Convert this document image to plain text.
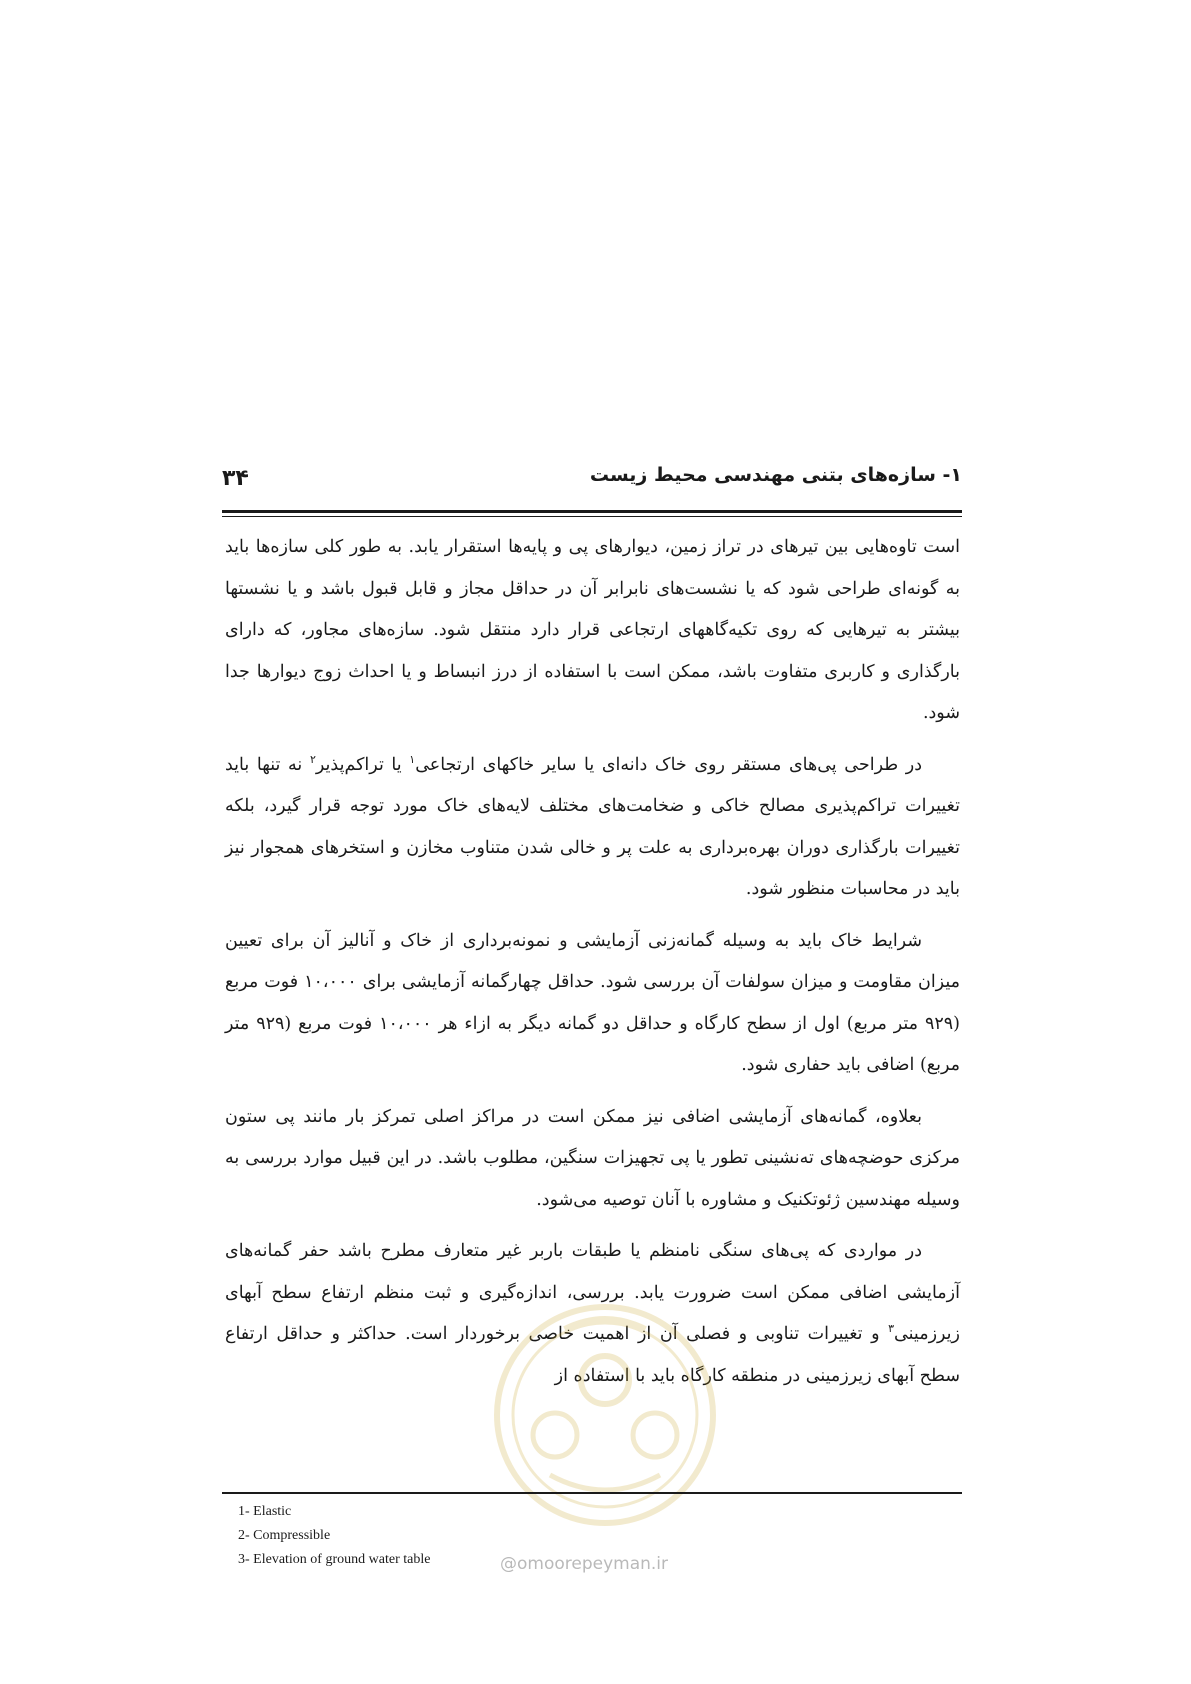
۳۴	۱- سازه‌های بتنی مهندسی محیط زیست

است تاوه‌هایی بین تیرهای در تراز زمین، دیوارهای پی و پایه‌ها استقرار یابد. به طور کلی سازه‌ها باید به گونه‌ای طراحی شود که یا نشست‌های نابرابر آن در حداقل مجاز و قابل قبول باشد و یا نشستها بیشتر به تیرهایی که روی تکیه‌گاههای ارتجاعی قرار دارد منتقل شود. سازه‌های مجاور، که دارای بارگذاری و کاربری متفاوت باشد، ممکن است با استفاده از درز انبساط و یا احداث زوج دیوارها جدا شود.

در طراحی پی‌های مستقر روی خاک دانه‌ای یا سایر خاکهای ارتجاعی$^۱$ یا تراکم‌پذیر$^۲$ نه تنها باید تغییرات تراکم‌پذیری مصالح خاکی و ضخامت‌های مختلف لایه‌های خاک مورد توجه قرار گیرد، بلکه تغییرات بارگذاری دوران بهره‌برداری به علت پر و خالی شدن متناوب مخازن و استخرهای همجوار نیز باید در محاسبات منظور شود.

شرایط خاک باید به وسیله گمانه‌زنی آزمایشی و نمونه‌برداری از خاک و آنالیز آن برای تعیین میزان مقاومت و میزان سولفات آن بررسی شود. حداقل چهارگمانه آزمایشی برای ۱۰،۰۰۰ فوت مربع (۹۲۹ متر مربع) اول از سطح کارگاه و حداقل دو گمانه دیگر به ازاء هر ۱۰،۰۰۰ فوت مربع (۹۲۹ متر مربع) اضافی باید حفاری شود.

بعلاوه، گمانه‌های آزمایشی اضافی نیز ممکن است در مراکز اصلی تمرکز بار مانند پی ستون مرکزی حوضچه‌های ته‌نشینی تطور یا پی تجهیزات سنگین، مطلوب باشد. در این قبیل موارد بررسی به وسیله مهندسین ژئوتکنیک و مشاوره با آنان توصیه می‌شود.

در مواردی که پی‌های سنگی نامنظم یا طبقات باربر غیر متعارف مطرح باشد حفر گمانه‌های آزمایشی اضافی ممکن است ضرورت یابد. بررسی، اندازه‌گیری و ثبت منظم ارتفاع سطح آبهای زیرزمینی$^۳$ و تغییرات تناوبی و فصلی آن از اهمیت خاصی برخوردار است. حداکثر و حداقل ارتفاع سطح آبهای زیرزمینی در منطقه کارگاه باید با استفاده از

1- Elastic
2- Compressible
3- Elevation of ground water table	@omoorepeyman.ir
